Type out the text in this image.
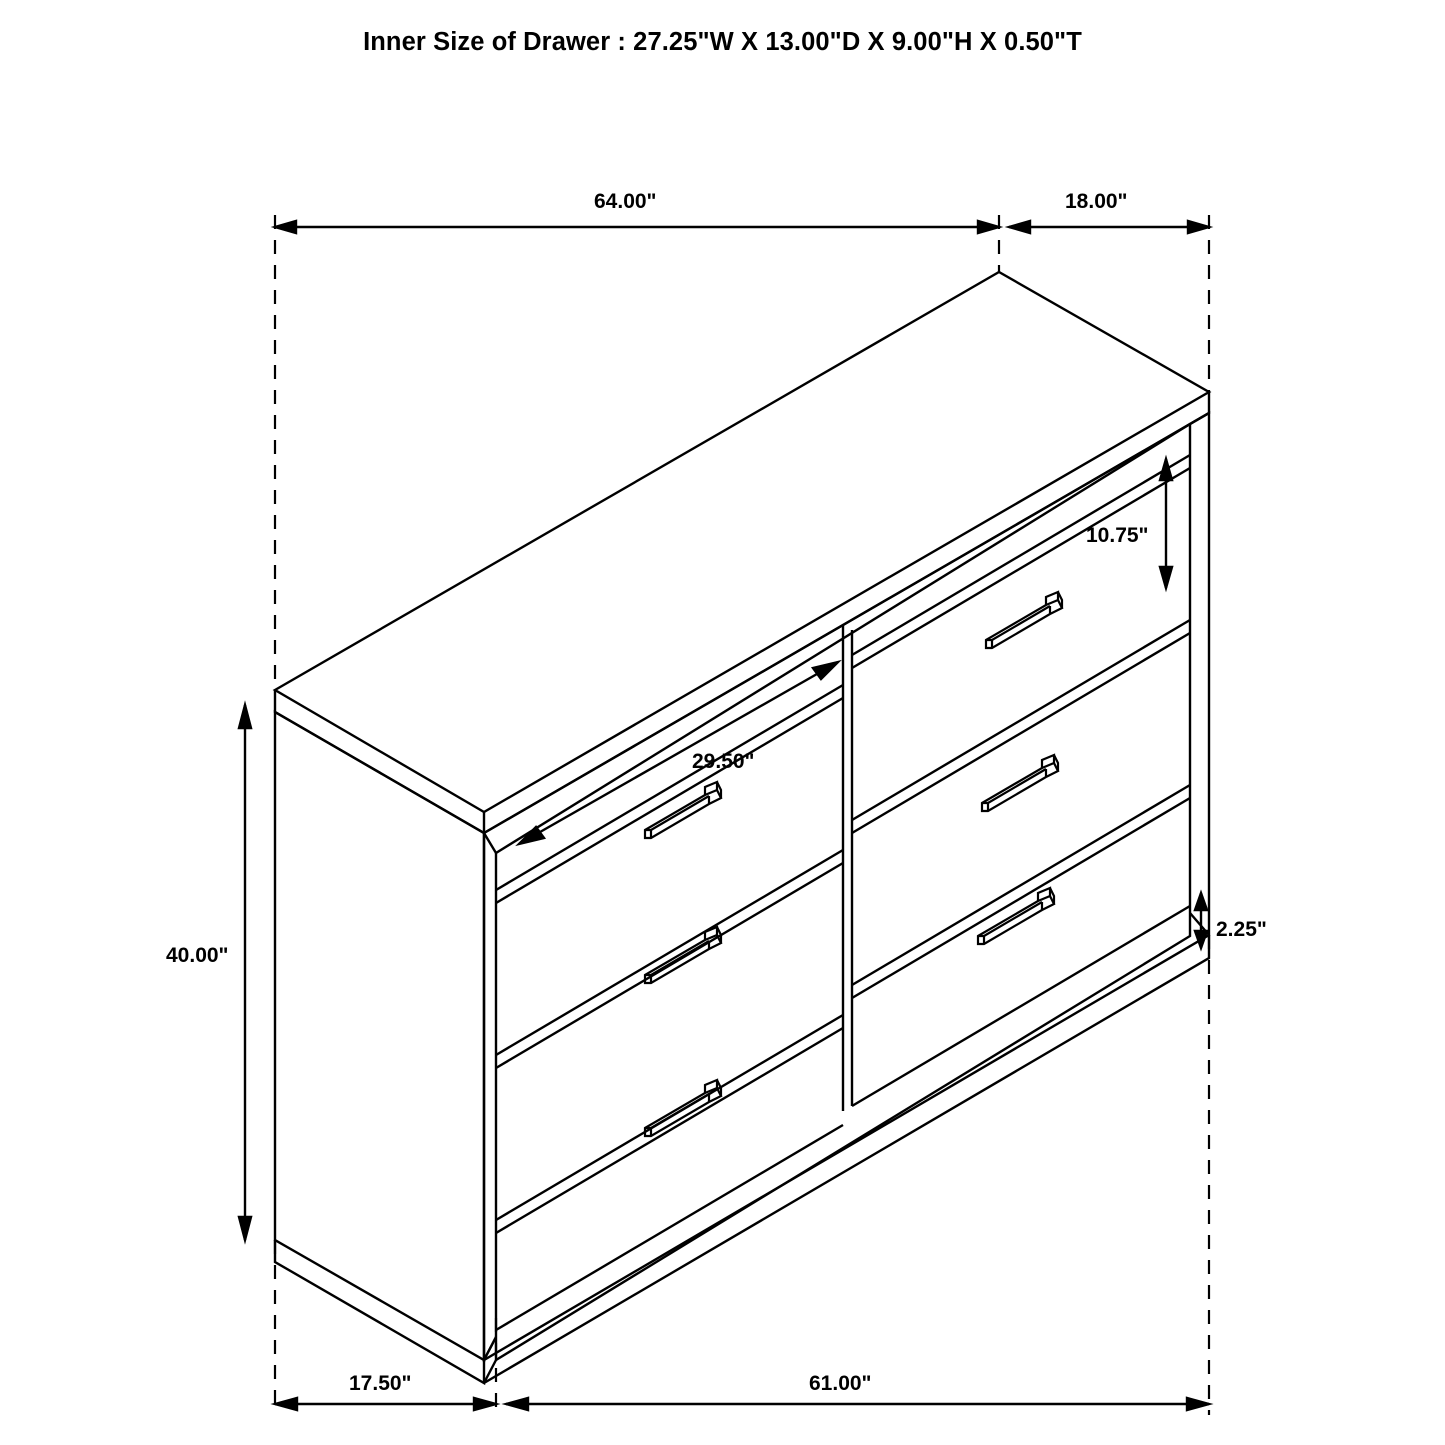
Inner Size of Drawer : 27.25"W X 13.00"D X 9.00"H X 0.50"T
64.00"	18.00"
10.75"
29.50"
40.00"
2.25"
17.50"	61.00"
